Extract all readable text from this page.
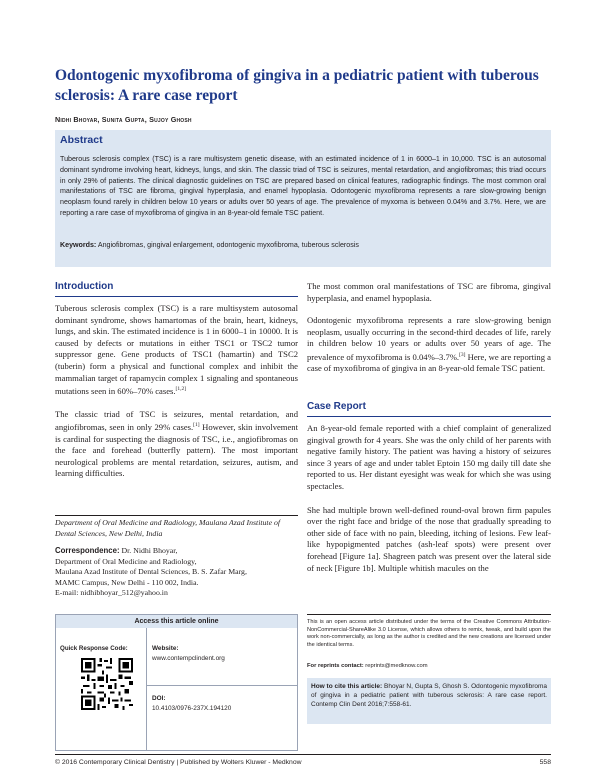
Odontogenic myxofibroma of gingiva in a pediatric patient with tuberous sclerosis: A rare case report
Nidhi Bhoyar, Sunita Gupta, Sujoy Ghosh
Abstract
Tuberous sclerosis complex (TSC) is a rare multisystem genetic disease, with an estimated incidence of 1 in 6000–1 in 10,000. TSC is an autosomal dominant syndrome involving heart, kidneys, lungs, and skin. The classic triad of TSC is seizures, mental retardation, and angiofibromas; this triad occurs in only 29% of patients. The clinical diagnostic guidelines on TSC are prepared based on clinical features, radiographic findings. The most common oral manifestations of TSC are fibroma, gingival hyperplasia, and enamel hypoplasia. Odontogenic myxofibroma represents a rare slow-growing benign neoplasm found rarely in children below 10 years or adults over 50 years of age. The prevalence of myxoma is between 0.04% and 3.7%. Here, we are reporting a rare case of myxofibroma of gingiva in an 8-year-old female TSC patient.
Keywords: Angiofibromas, gingival enlargement, odontogenic myxofibroma, tuberous sclerosis
Introduction

Tuberous sclerosis complex (TSC) is a rare multisystem autosomal dominant syndrome, shows hamartomas of the brain, heart, kidneys, lungs, and skin. The estimated incidence is 1 in 6000–1 in 10000. It is caused by defects or mutations in either TSC1 or TSC2 tumor suppressor gene. Gene products of TSC1 (hamartin) and TSC2 (tuberin) form a physical and functional complex and inhibit the mammalian target of rapamycin complex 1 signaling and spontaneous mutations seen in 60%–70% cases.[1,2]

The classic triad of TSC is seizures, mental retardation, and angiofibromas, seen in only 29% cases.[1] However, skin involvement is cardinal for suspecting the diagnosis of TSC, i.e., angiofibromas on the face and forehead (butterfly pattern). The most important neurological problems are mental retardation, seizures, autism, and learning difficulties.

The most common oral manifestations of TSC are fibroma, gingival hyperplasia, and enamel hypoplasia.

Odontogenic myxofibroma represents a rare slow-growing benign neoplasm, usually occurring in the second-third decades of life, rarely in children below 10 years or adults over 50 years of age. The prevalence of myxofibroma is 0.04%–3.7%.[3] Here, we are reporting a case of myxofibroma of gingiva in an 8-year-old female TSC patient.

Case Report

An 8-year-old female reported with a chief complaint of generalized gingival growth for 4 years. She was the only child of her parents with negative family history. The patient was having a history of seizures since 3 years of age and under tablet Eptoin 150 mg daily till date she reported to us. Her distant eyesight was weak for which she was using spectacles.

She had multiple brown well-defined round-oval brown firm papules over the right face and bridge of the nose that gradually spreading to other side of face with no pain, bleeding, itching of lesions. Few leaf-like hypopigmented patches (ash-leaf spots) were present over forehead [Figure 1a]. Shagreen patch was present over the lateral side of neck [Figure 1b]. Multiple whitish macules on the

Department of Oral Medicine and Radiology, Maulana Azad Institute of Dental Sciences, New Delhi, India
Correspondence: Dr. Nidhi Bhoyar,
Department of Oral Medicine and Radiology,
Maulana Azad Institute of Dental Sciences, B. S. Zafar Marg,
MAMC Campus, New Delhi - 110 002, India.
E-mail: nidhibhoyar_512@yahoo.in
Access this article online
Quick Response Code:	Website:
www.contempclindent.org
DOI:
10.4103/0976-237X.194120
This is an open access article distributed under the terms of the Creative Commons Attribution-NonCommercial-ShareAlike 3.0 License, which allows others to remix, tweak, and build upon the work non-commercially, as long as the author is credited and the new creations are licensed under the identical terms.
For reprints contact: reprints@medknow.com
How to cite this article: Bhoyar N, Gupta S, Ghosh S. Odontogenic myxofibroma of gingiva in a pediatric patient with tuberous sclerosis: A rare case report. Contemp Clin Dent 2016;7:558-61.
© 2016 Contemporary Clinical Dentistry | Published by Wolters Kluwer - Medknow	558
